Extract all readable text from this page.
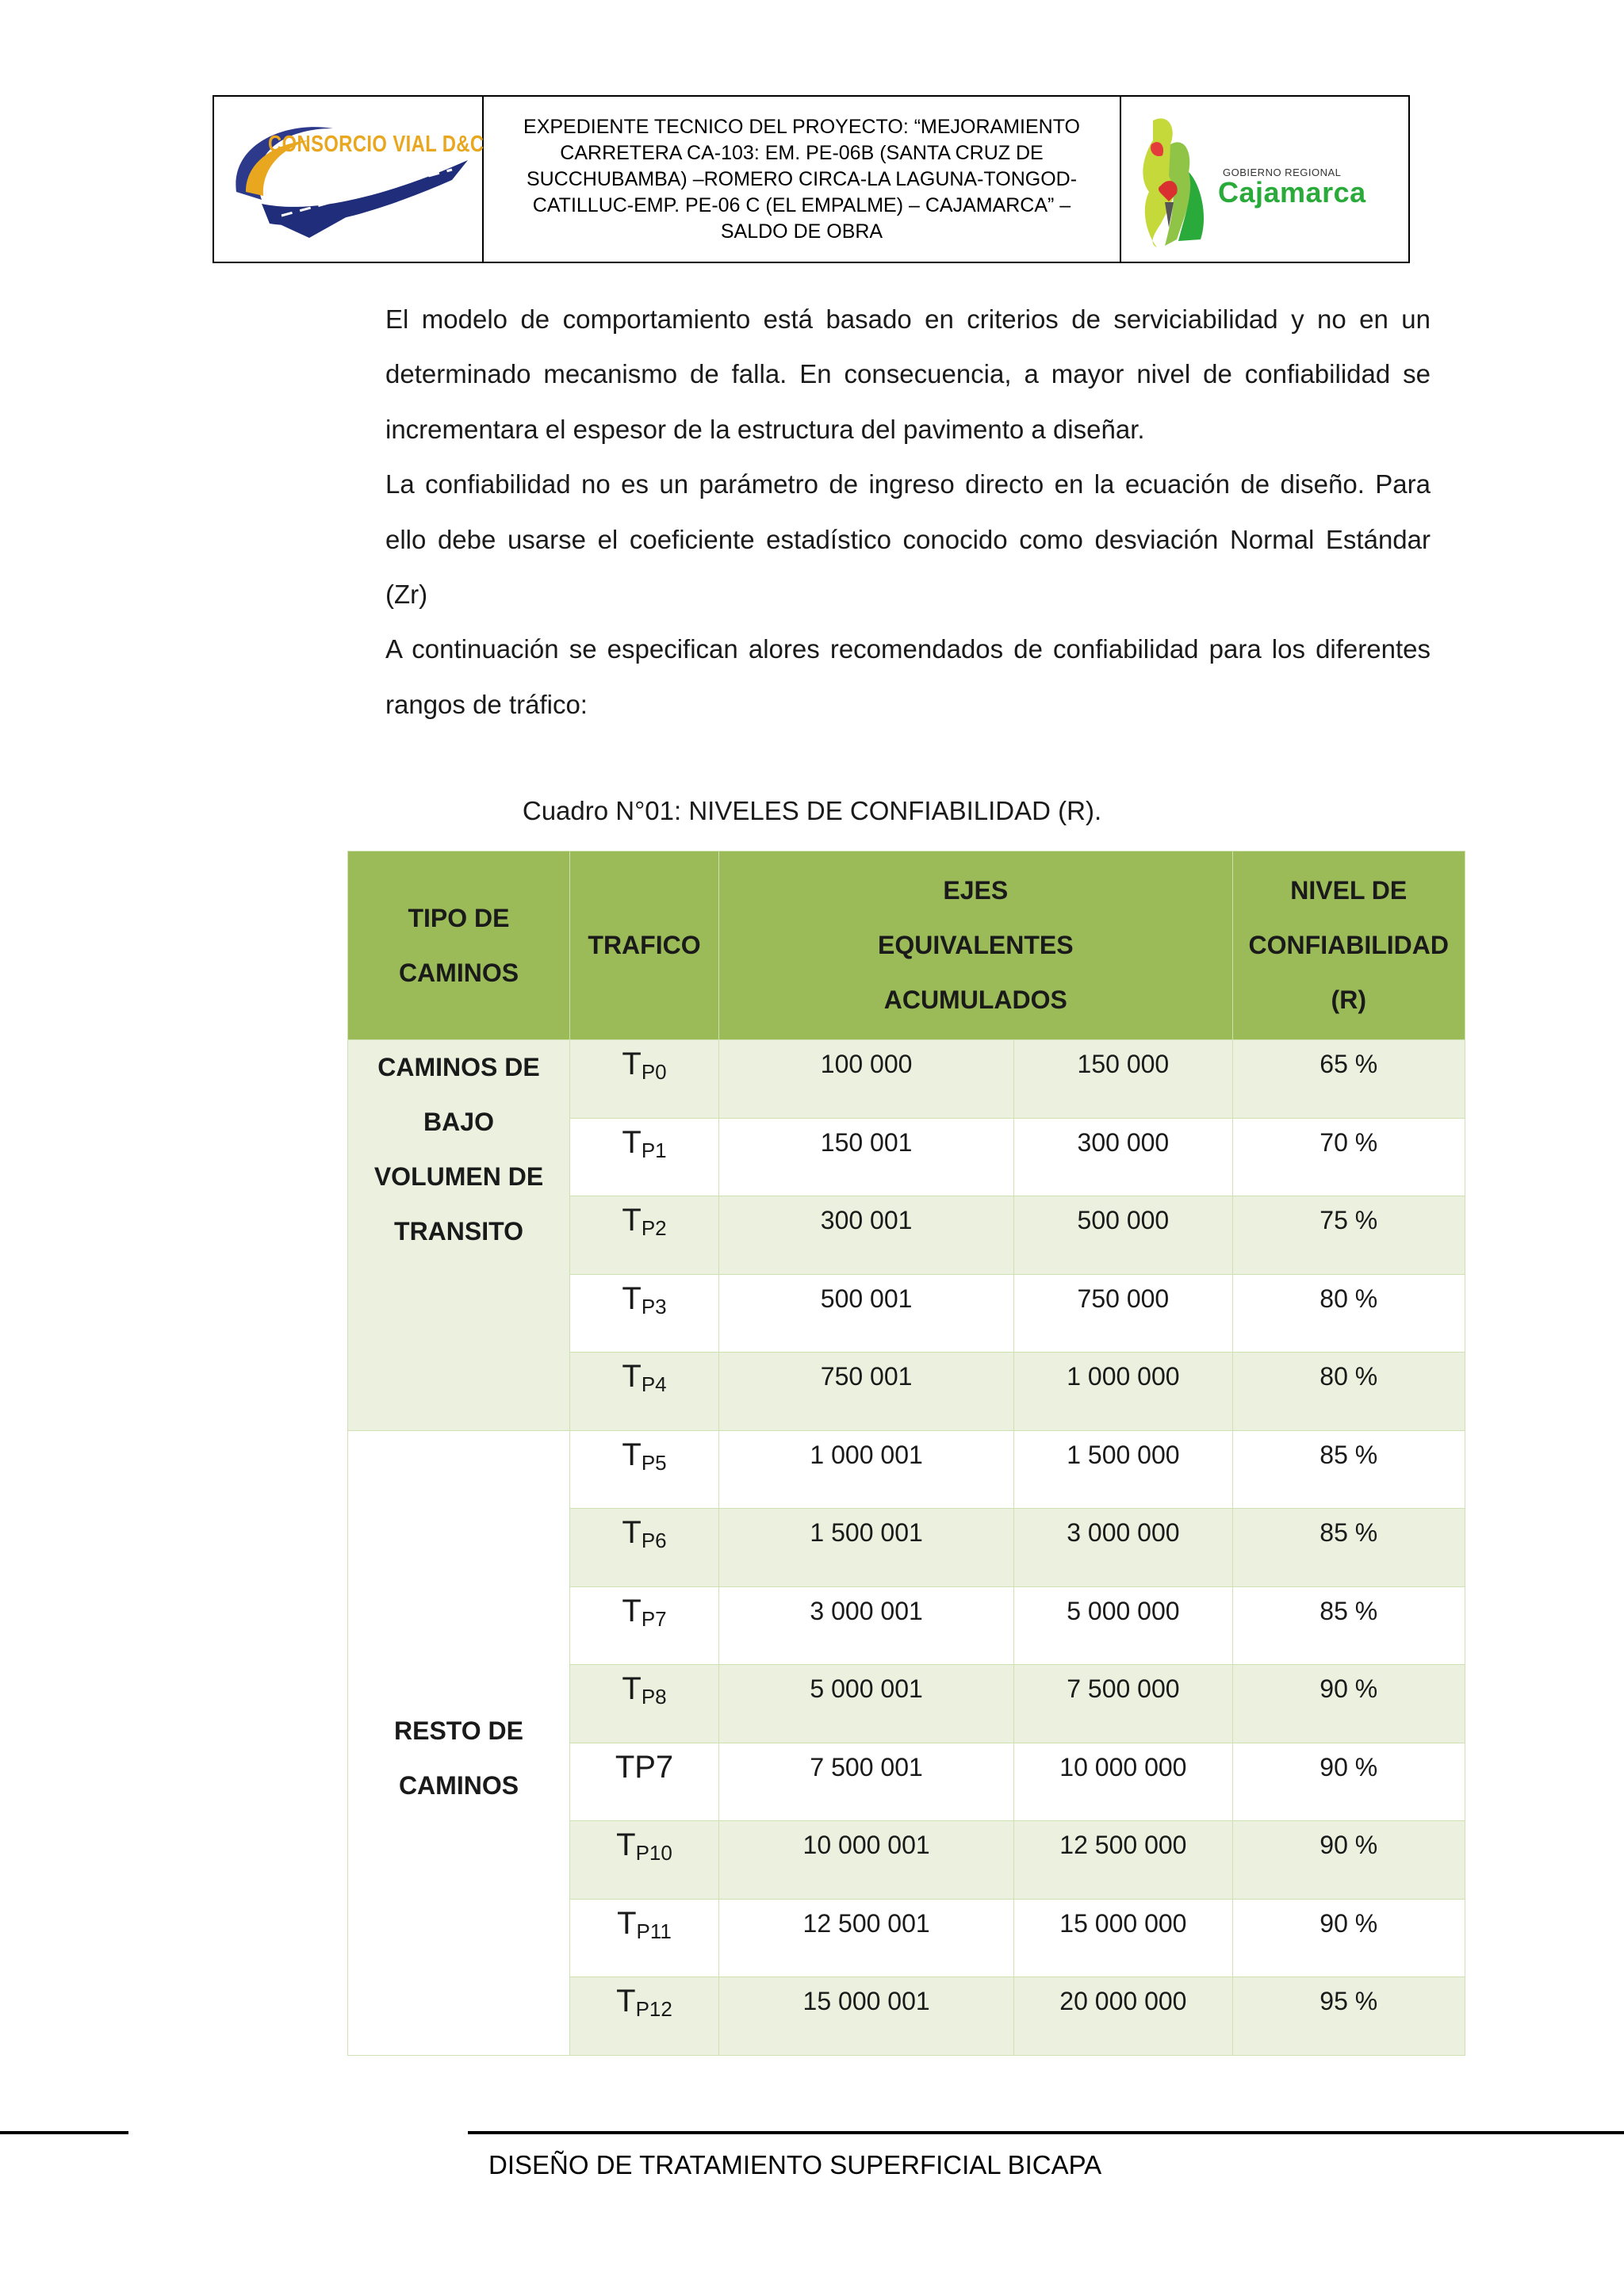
CONSORCIO VIAL D&C
EXPEDIENTE TECNICO DEL PROYECTO: “MEJORAMIENTO CARRETERA CA-103: EM. PE-06B (SANTA CRUZ DE SUCCHUBAMBA) –ROMERO CIRCA-LA LAGUNA-TONGOD-CATILLUC-EMP. PE-06 C (EL EMPALME) – CAJAMARCA” – SALDO DE OBRA
GOBIERNO REGIONAL
Cajamarca

El modelo de comportamiento está basado en criterios de serviciabilidad y no en un determinado mecanismo de falla. En consecuencia, a mayor nivel de confiabilidad se incrementara el espesor de la estructura del pavimento a diseñar.

La confiabilidad no es un parámetro de ingreso directo en la ecuación de diseño. Para ello debe usarse el coeficiente estadístico conocido como desviación Normal Estándar (Zr)

A continuación se especifican alores recomendados de confiabilidad para los diferentes rangos de tráfico:

Cuadro N°01: NIVELES DE CONFIABILIDAD (R).
TIPO DE CAMINOS	TRAFICO	EJES EQUIVALENTES ACUMULADOS		NIVEL DE CONFIABILIDAD (R)
CAMINOS DE BAJO VOLUMEN DE TRANSITO	$T_{P0}$	100 000	150 000	65 %
	$T_{P1}$	150 001	300 000	70 %
	$T_{P2}$	300 001	500 000	75 %
	$T_{P3}$	500 001	750 000	80 %
	$T_{P4}$	750 001	1 000 000	80 %
RESTO DE CAMINOS	$T_{P5}$	1 000 001	1 500 000	85 %
	$T_{P6}$	1 500 001	3 000 000	85 %
	$T_{P7}$	3 000 001	5 000 000	85 %
	$T_{P8}$	5 000 001	7 500 000	90 %
	TP7	7 500 001	10 000 000	90 %
	$T_{P10}$	10 000 001	12 500 000	90 %
	$T_{P11}$	12 500 001	15 000 000	90 %
	$T_{P12}$	15 000 001	20 000 000	95 %
DISEÑO DE TRATAMIENTO SUPERFICIAL BICAPA
